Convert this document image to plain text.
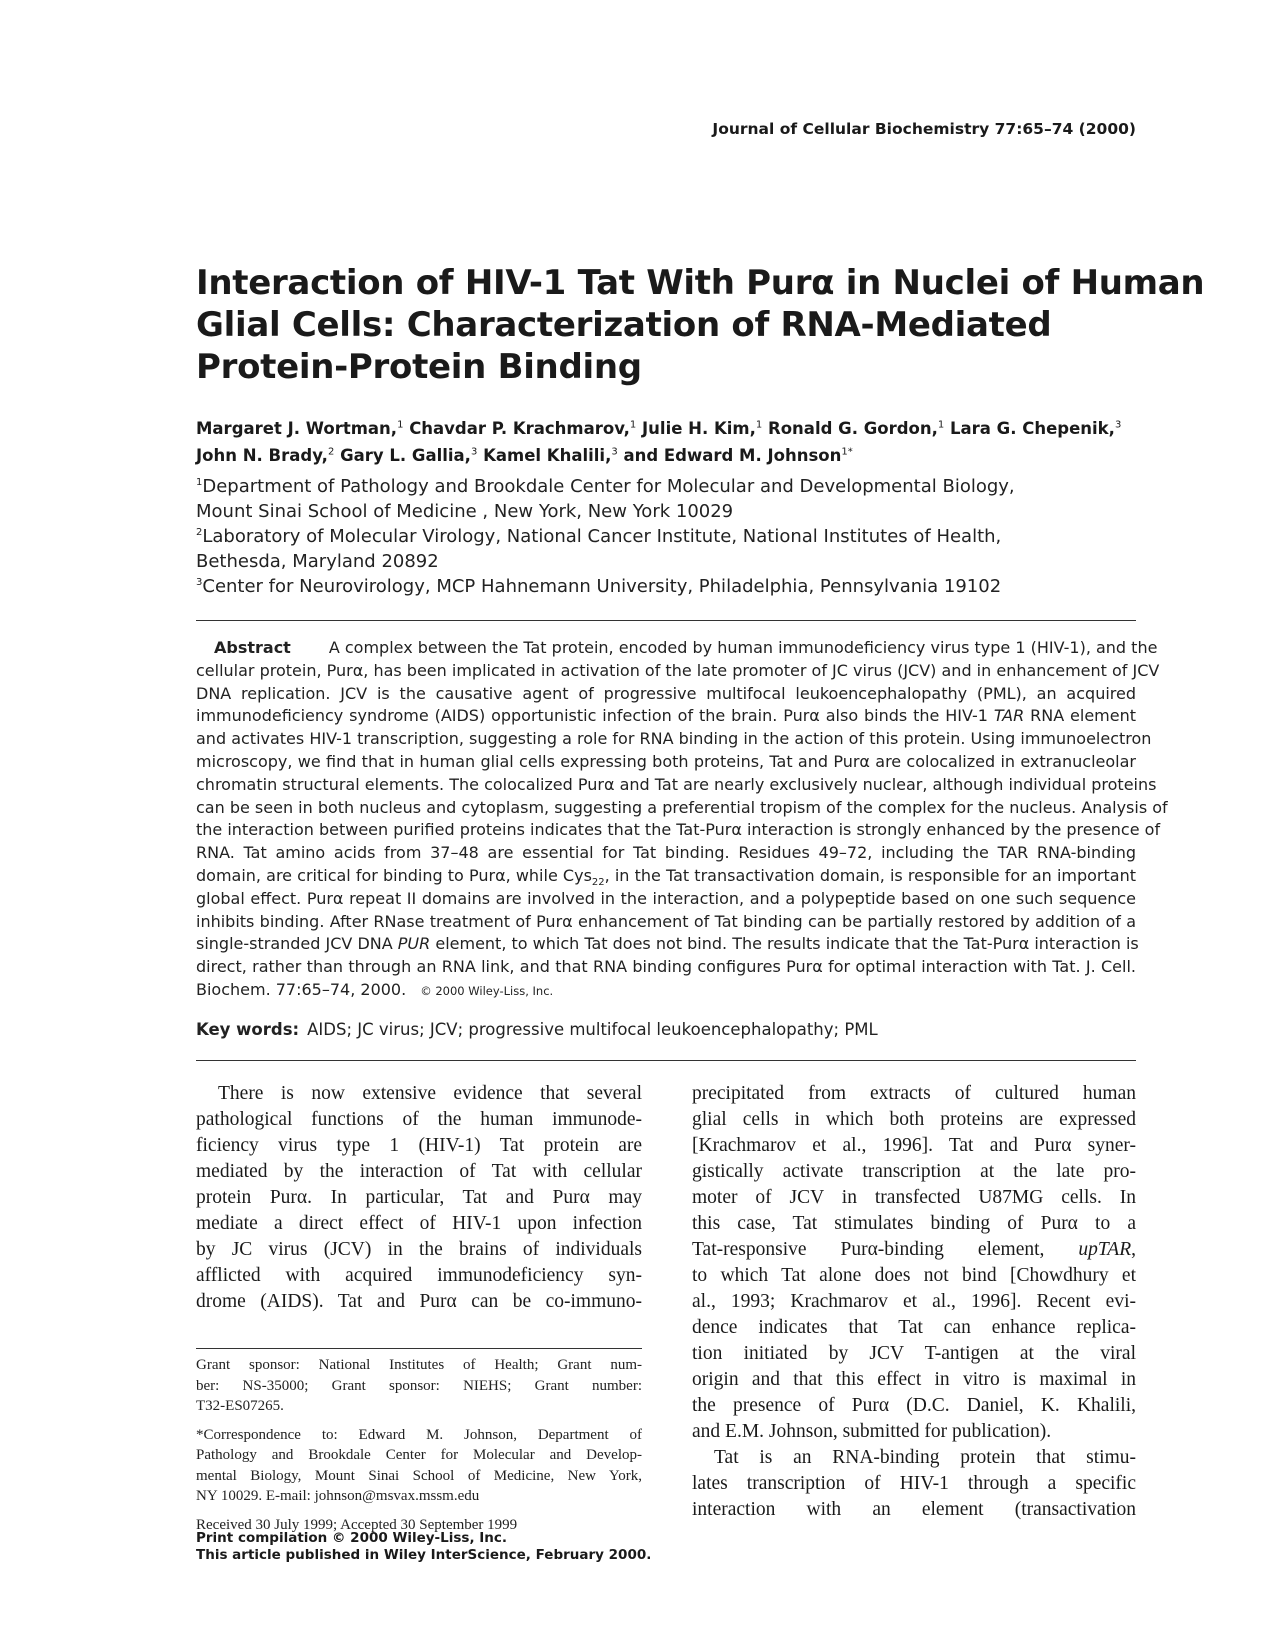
Journal of Cellular Biochemistry 77:65–74 (2000)
Interaction of HIV-1 Tat With Purα in Nuclei of Human
Glial Cells: Characterization of RNA-Mediated
Protein-Protein Binding
Margaret J. Wortman,$^1$ Chavdar P. Krachmarov,$^1$ Julie H. Kim,$^1$ Ronald G. Gordon,$^1$ Lara G. Chepenik,$^3$
John N. Brady,$^2$ Gary L. Gallia,$^3$ Kamel Khalili,$^3$ and Edward M. Johnson$^{1*}$
$^1$Department of Pathology and Brookdale Center for Molecular and Developmental Biology,
Mount Sinai School of Medicine , New York, New York 10029
$^2$Laboratory of Molecular Virology, National Cancer Institute, National Institutes of Health,
Bethesda, Maryland 20892
$^3$Center for Neurovirology, MCP Hahnemann University, Philadelphia, Pennsylvania 19102
Abstract A complex between the Tat protein, encoded by human immunodeficiency virus type 1 (HIV-1), and the
cellular protein, Purα, has been implicated in activation of the late promoter of JC virus (JCV) and in enhancement of JCV
DNA replication. JCV is the causative agent of progressive multifocal leukoencephalopathy (PML), an acquired
immunodeficiency syndrome (AIDS) opportunistic infection of the brain. Purα also binds the HIV-1 TAR RNA element
and activates HIV-1 transcription, suggesting a role for RNA binding in the action of this protein. Using immunoelectron
microscopy, we find that in human glial cells expressing both proteins, Tat and Purα are colocalized in extranucleolar
chromatin structural elements. The colocalized Purα and Tat are nearly exclusively nuclear, although individual proteins
can be seen in both nucleus and cytoplasm, suggesting a preferential tropism of the complex for the nucleus. Analysis of
the interaction between purified proteins indicates that the Tat-Purα interaction is strongly enhanced by the presence of
RNA. Tat amino acids from 37–48 are essential for Tat binding. Residues 49–72, including the TAR RNA-binding
domain, are critical for binding to Purα, while Cys$_{22}$, in the Tat transactivation domain, is responsible for an important
global effect. Purα repeat II domains are involved in the interaction, and a polypeptide based on one such sequence
inhibits binding. After RNase treatment of Purα enhancement of Tat binding can be partially restored by addition of a
single-stranded JCV DNA PUR element, to which Tat does not bind. The results indicate that the Tat-Purα interaction is
direct, rather than through an RNA link, and that RNA binding configures Purα for optimal interaction with Tat. J. Cell.
Biochem. 77:65–74, 2000. © 2000 Wiley-Liss, Inc.
Key words: AIDS; JC virus; JCV; progressive multifocal leukoencephalopathy; PML
There is now extensive evidence that several
pathological functions of the human immunode-
ficiency virus type 1 (HIV-1) Tat protein are
mediated by the interaction of Tat with cellular
protein Purα. In particular, Tat and Purα may
mediate a direct effect of HIV-1 upon infection
by JC virus (JCV) in the brains of individuals
afflicted with acquired immunodeficiency syn-
drome (AIDS). Tat and Purα can be co-immuno-
Grant sponsor: National Institutes of Health; Grant num-
ber: NS-35000; Grant sponsor: NIEHS; Grant number:
T32-ES07265.
*Correspondence to: Edward M. Johnson, Department of
Pathology and Brookdale Center for Molecular and Develop-
mental Biology, Mount Sinai School of Medicine, New York,
NY 10029. E-mail: johnson@msvax.mssm.edu
Received 30 July 1999; Accepted 30 September 1999
Print compilation © 2000 Wiley-Liss, Inc.
This article published in Wiley InterScience, February 2000.
precipitated from extracts of cultured human
glial cells in which both proteins are expressed
[Krachmarov et al., 1996]. Tat and Purα syner-
gistically activate transcription at the late pro-
moter of JCV in transfected U87MG cells. In
this case, Tat stimulates binding of Purα to a
Tat-responsive Purα-binding element, upTAR,
to which Tat alone does not bind [Chowdhury et
al., 1993; Krachmarov et al., 1996]. Recent evi-
dence indicates that Tat can enhance replica-
tion initiated by JCV T-antigen at the viral
origin and that this effect in vitro is maximal in
the presence of Purα (D.C. Daniel, K. Khalili,
and E.M. Johnson, submitted for publication).
Tat is an RNA-binding protein that stimu-
lates transcription of HIV-1 through a specific
interaction with an element (transactivation
